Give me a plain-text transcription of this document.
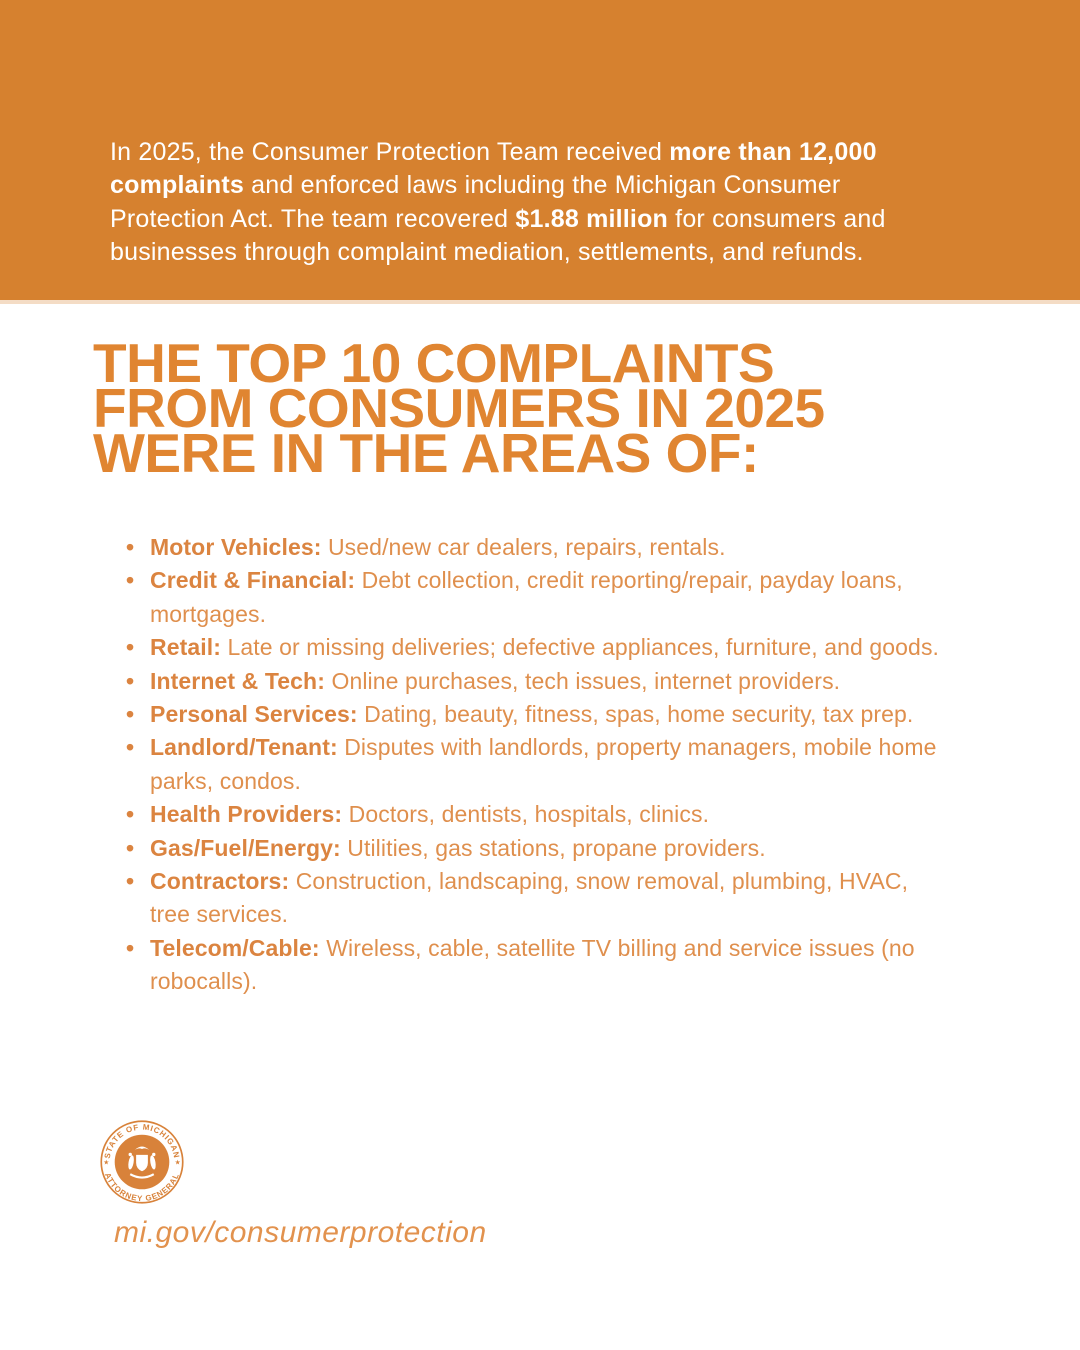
In 2025, the Consumer Protection Team received more than 12,000 complaints and enforced laws including the Michigan Consumer Protection Act. The team recovered $1.88 million for consumers and businesses through complaint mediation, settlements, and refunds.

THE TOP 10 COMPLAINTS
FROM CONSUMERS IN 2025
WERE IN THE AREAS OF:
• Motor Vehicles: Used/new car dealers, repairs, rentals.
• Credit & Financial: Debt collection, credit reporting/repair, payday loans, mortgages.
• Retail: Late or missing deliveries; defective appliances, furniture, and goods.
• Internet & Tech: Online purchases, tech issues, internet providers.
• Personal Services: Dating, beauty, fitness, spas, home security, tax prep.
• Landlord/Tenant: Disputes with landlords, property managers, mobile home parks, condos.
• Health Providers: Doctors, dentists, hospitals, clinics.
• Gas/Fuel/Energy: Utilities, gas stations, propane providers.
• Contractors: Construction, landscaping, snow removal, plumbing, HVAC, tree services.
• Telecom/Cable: Wireless, cable, satellite TV billing and service issues (no robocalls).
STATE OF MICHIGAN
ATTORNEY GENERAL
★	★
mi.gov/consumerprotection
